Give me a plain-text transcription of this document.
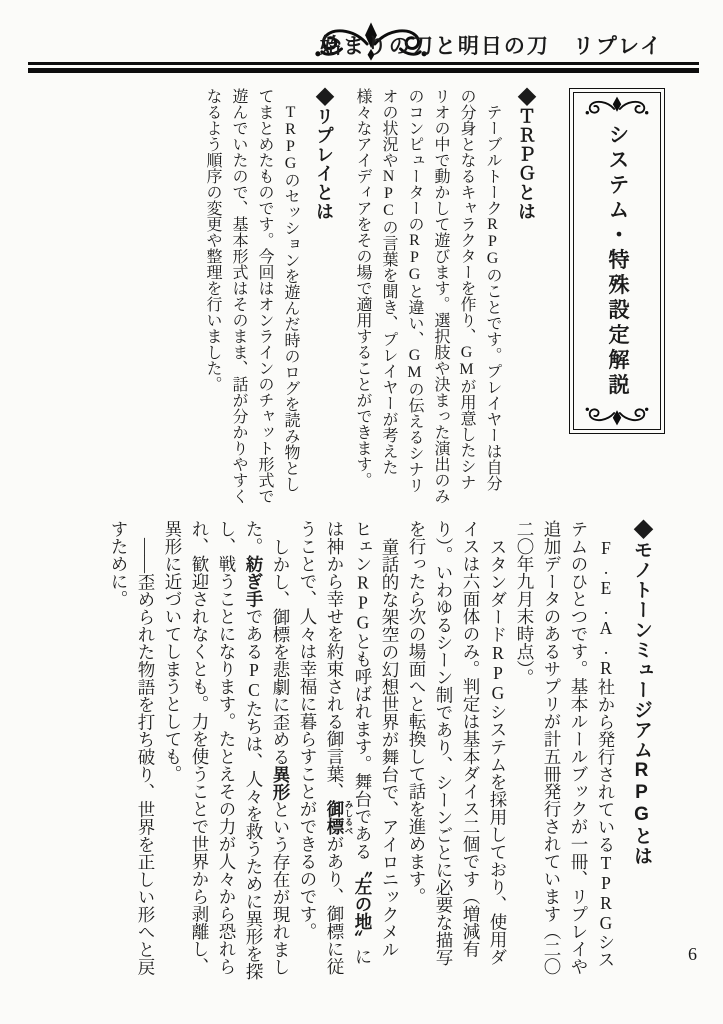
始まりの刀と明日の刀　リプレイ
システム・特殊設定解説
◆ＴＲＰＧとは

テーブルトークRPGのことです。プレイヤーは自分の分身となるキャラクターを作り、GMが用意したシナリオの中で動かして遊びます。選択肢や決まった演出のみのコンピューターのRPGと違い、GMの伝えるシナリオの状況やNPCの言葉を聞き、プレイヤーが考えた様々なアイディアをその場で適用することができます。

◆リプレイとは

TRPGのセッションを遊んだ時のログを読み物としてまとめたものです。今回はオンラインのチャット形式で遊んでいたので、基本形式はそのまま、話が分かりやすくなるよう順序の変更や整理を行いました。

◆モノトーンミュージアムRPGとは

F.E.A.R社から発行されているTPRGシステムのひとつです。基本ルールブックが一冊、リプレイや追加データのあるサプリが計五冊発行されています（二〇二〇年九月末時点）。

スタンダードRPGシステムを採用しており、使用ダイスは六面体のみ。判定は基本ダイス二個です（増減有り）。いわゆるシーン制であり、シーンごとに必要な描写を行ったら次の場面へと転換して話を進めます。

童話的な架空の幻想世界が舞台で、アイロニックメルヒェンRPGとも呼ばれます。舞台である〝左の地〟には神から幸せを約束される御言葉、御標 みしるべがあり、御標に従うことで、人々は幸福に暮らすことができるのです。

しかし、御標を悲劇に歪める異形という存在が現れました。紡ぎ手であるPCたちは、人々を救うために異形を探し、戦うことになります。たとえその力が人々から恐れられ、歓迎されなくとも。力を使うことで世界から剥離し、異形に近づいてしまうとしても。

――歪められた物語を打ち破り、世界を正しい形へと戻すために。

6
